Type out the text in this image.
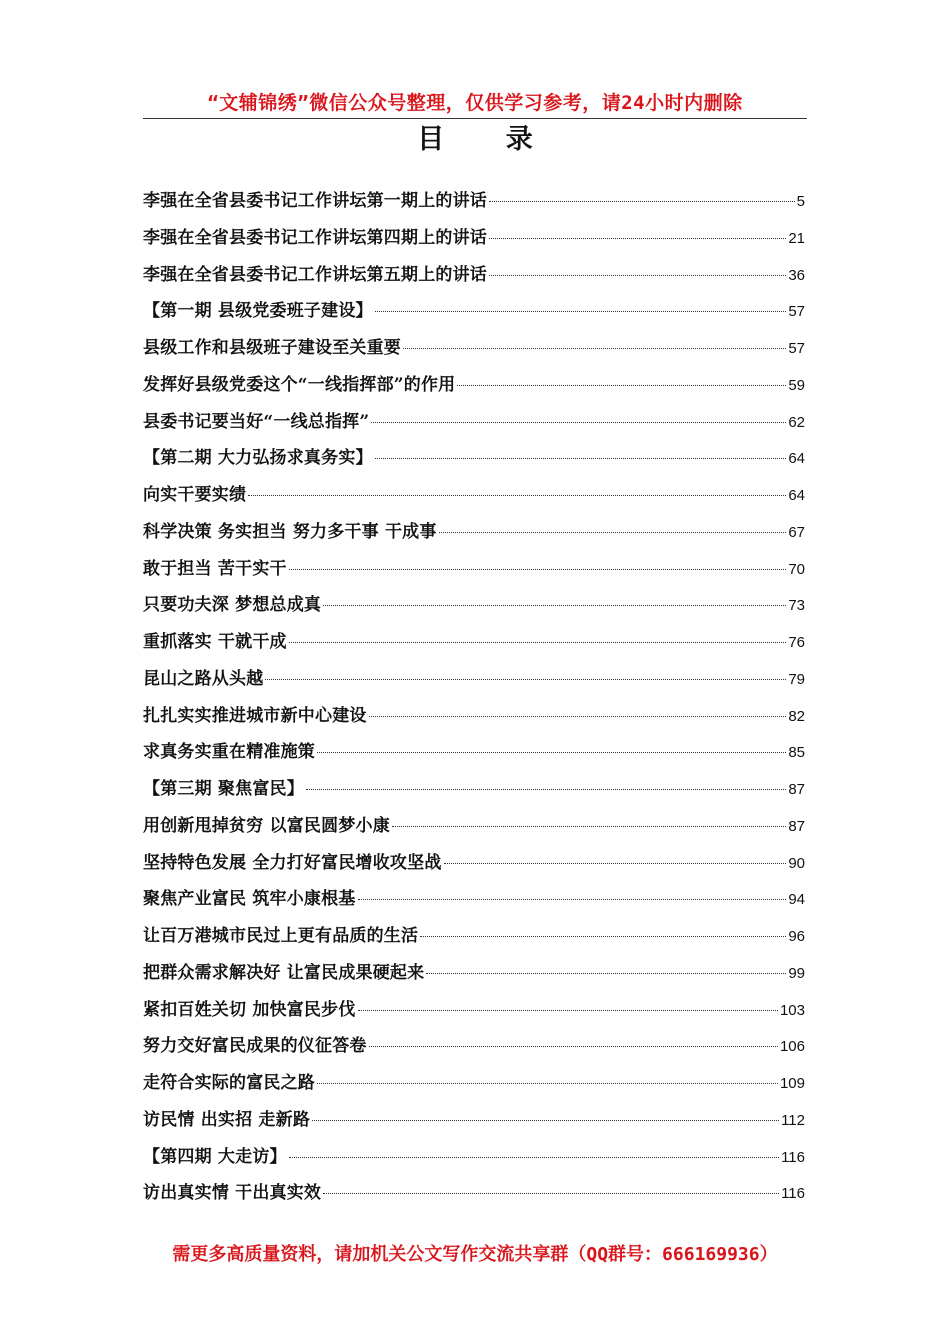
“文辅锦绣”微信公众号整理，仅供学习参考，请24小时内删除
目 录
李强在全省县委书记工作讲坛第一期上的讲话	5
李强在全省县委书记工作讲坛第四期上的讲话	21
李强在全省县委书记工作讲坛第五期上的讲话	36
【第一期 县级党委班子建设】	57
县级工作和县级班子建设至关重要	57
发挥好县级党委这个“一线指挥部”的作用	59
县委书记要当好“一线总指挥”	62
【第二期 大力弘扬求真务实】	64
向实干要实绩	64
科学决策 务实担当 努力多干事 干成事	67
敢于担当 苦干实干	70
只要功夫深 梦想总成真	73
重抓落实 干就干成	76
昆山之路从头越	79
扎扎实实推进城市新中心建设	82
求真务实重在精准施策	85
【第三期 聚焦富民】	87
用创新甩掉贫穷 以富民圆梦小康	87
坚持特色发展 全力打好富民增收攻坚战	90
聚焦产业富民 筑牢小康根基	94
让百万港城市民过上更有品质的生活	96
把群众需求解决好 让富民成果硬起来	99
紧扣百姓关切 加快富民步伐	103
努力交好富民成果的仪征答卷	106
走符合实际的富民之路	109
访民情 出实招 走新路	112
【第四期 大走访】	116
访出真实情 干出真实效	116
需更多高质量资料，请加机关公文写作交流共享群（QQ群号：666169936）
